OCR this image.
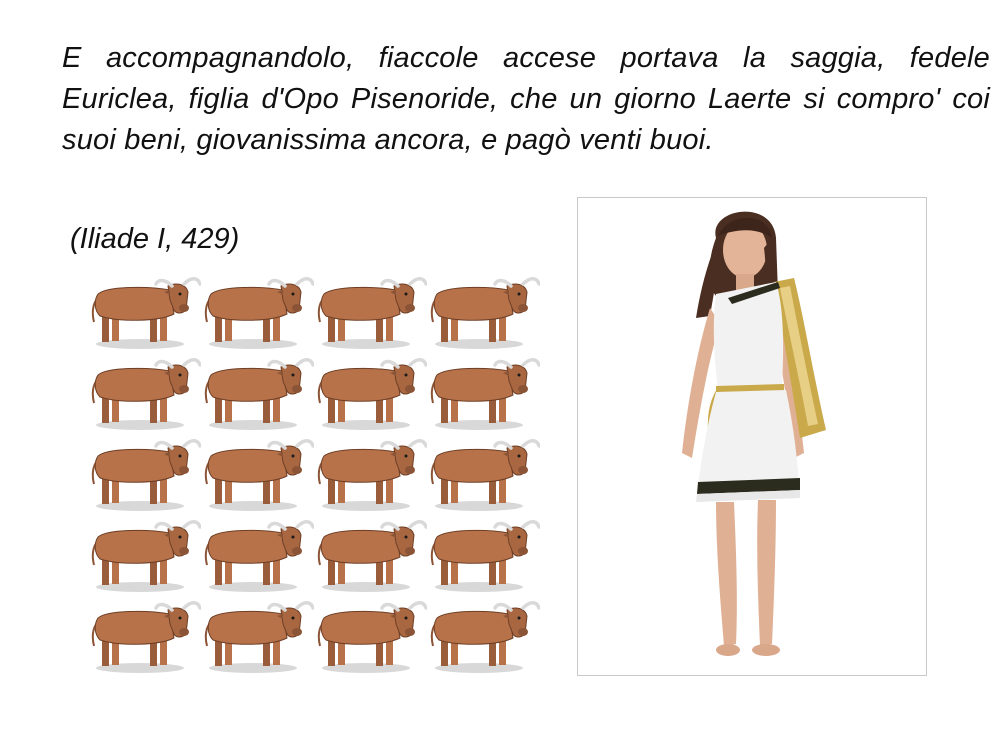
E accompagnandolo, fiaccole accese portava la saggia, fedele Euriclea, figlia d'Opo Pisenoride, che un giorno Laerte si compro' coi suoi beni, giovanissima ancora, e pagò venti buoi.

(Iliade I, 429)
